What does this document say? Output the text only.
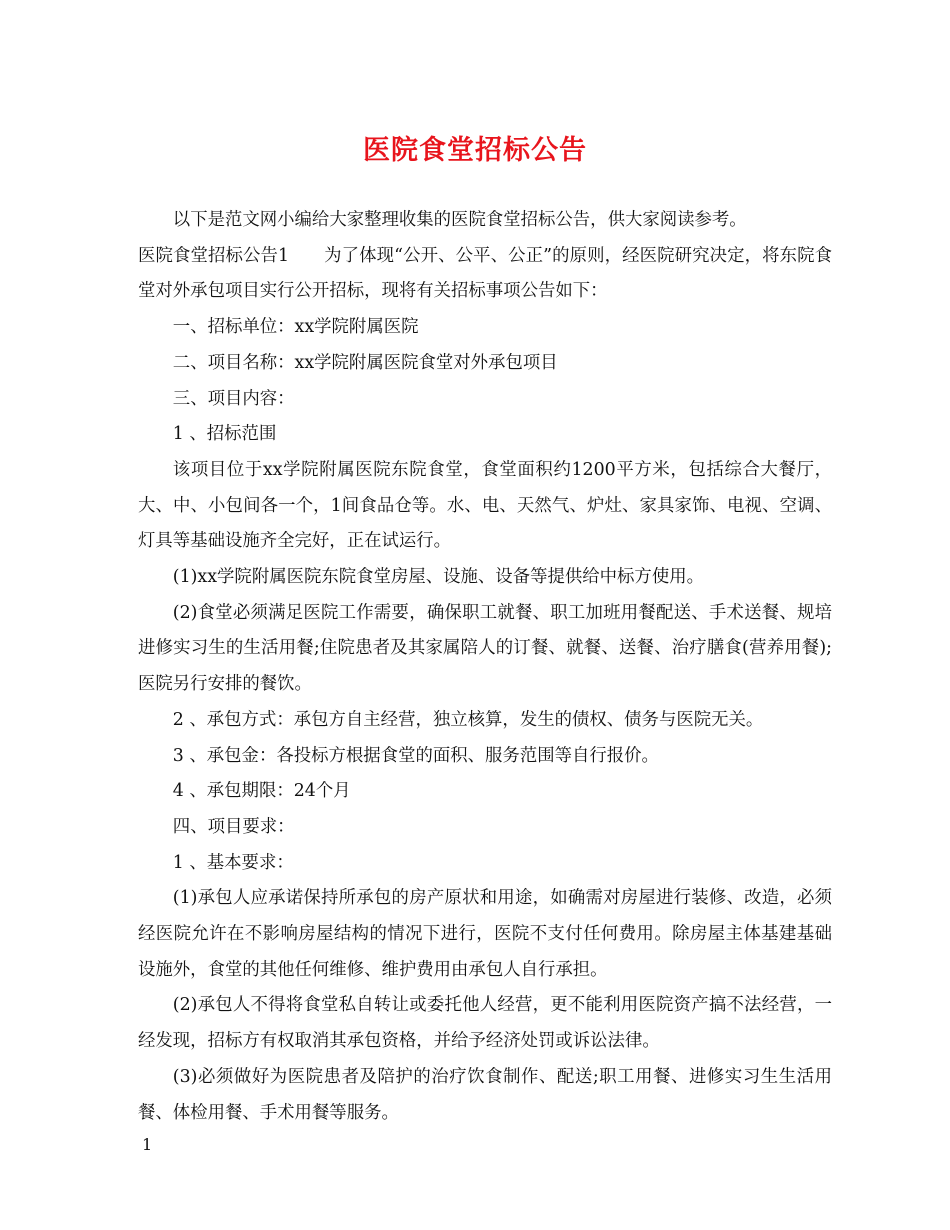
医院食堂招标公告

以下是范文网小编给大家整理收集的医院食堂招标公告，供大家阅读参考。

医院食堂招标公告1　　为了体现“公开、公平、公正”的原则，经医院研究决定，将东院食堂对外承包项目实行公开招标，现将有关招标事项公告如下：

一、招标单位：xx学院附属医院

二、项目名称：xx学院附属医院食堂对外承包项目

三、项目内容：

1 、招标范围

该项目位于xx学院附属医院东院食堂，食堂面积约1200平方米，包括综合大餐厅，大、中、小包间各一个，1间食品仓等。水、电、天然气、炉灶、家具家饰、电视、空调、灯具等基础设施齐全完好，正在试运行。

(1)xx学院附属医院东院食堂房屋、设施、设备等提供给中标方使用。

(2)食堂必须满足医院工作需要，确保职工就餐、职工加班用餐配送、手术送餐、规培进修实习生的生活用餐;住院患者及其家属陪人的订餐、就餐、送餐、治疗膳食(营养用餐);医院另行安排的餐饮。

2 、承包方式：承包方自主经营，独立核算，发生的债权、债务与医院无关。

3 、承包金：各投标方根据食堂的面积、服务范围等自行报价。

4 、承包期限：24个月

四、项目要求：

1 、基本要求：

(1)承包人应承诺保持所承包的房产原状和用途，如确需对房屋进行装修、改造，必须经医院允许在不影响房屋结构的情况下进行，医院不支付任何费用。除房屋主体基建基础设施外，食堂的其他任何维修、维护费用由承包人自行承担。

(2)承包人不得将食堂私自转让或委托他人经营，更不能利用医院资产搞不法经营，一经发现，招标方有权取消其承包资格，并给予经济处罚或诉讼法律。

(3)必须做好为医院患者及陪护的治疗饮食制作、配送;职工用餐、进修实习生生活用餐、体检用餐、手术用餐等服务。

1
